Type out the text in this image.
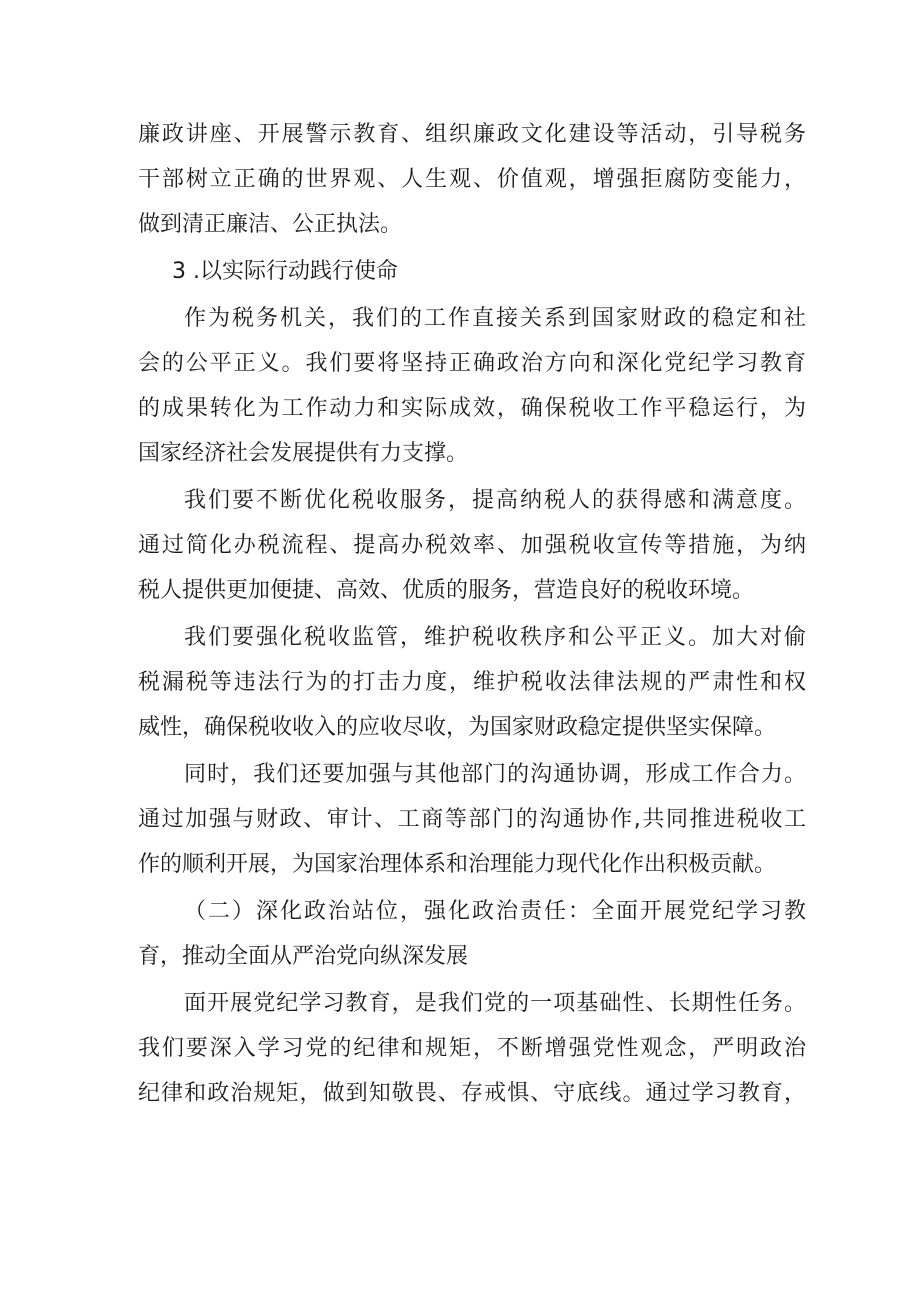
廉政讲座、开展警示教育、组织廉政文化建设等活动，引导税务
干部树立正确的世界观、人生观、价值观，增强拒腐防变能力，
做到清正廉洁、公正执法。
3 .以实际行动践行使命
作为税务机关，我们的工作直接关系到国家财政的稳定和社
会的公平正义。我们要将坚持正确政治方向和深化党纪学习教育
的成果转化为工作动力和实际成效，确保税收工作平稳运行，为
国家经济社会发展提供有力支撑。
我们要不断优化税收服务，提高纳税人的获得感和满意度。
通过简化办税流程、提高办税效率、加强税收宣传等措施，为纳
税人提供更加便捷、高效、优质的服务，营造良好的税收环境。
我们要强化税收监管，维护税收秩序和公平正义。加大对偷
税漏税等违法行为的打击力度，维护税收法律法规的严肃性和权
威性，确保税收收入的应收尽收，为国家财政稳定提供坚实保障。
同时，我们还要加强与其他部门的沟通协调，形成工作合力。
通过加强与财政、审计、工商等部门的沟通协作,共同推进税收工
作的顺利开展，为国家治理体系和治理能力现代化作出积极贡献。
（二）深化政治站位，强化政治责任：全面开展党纪学习教
育，推动全面从严治党向纵深发展
面开展党纪学习教育，是我们党的一项基础性、长期性任务。
我们要深入学习党的纪律和规矩，不断增强党性观念，严明政治
纪律和政治规矩，做到知敬畏、存戒惧、守底线。通过学习教育，
